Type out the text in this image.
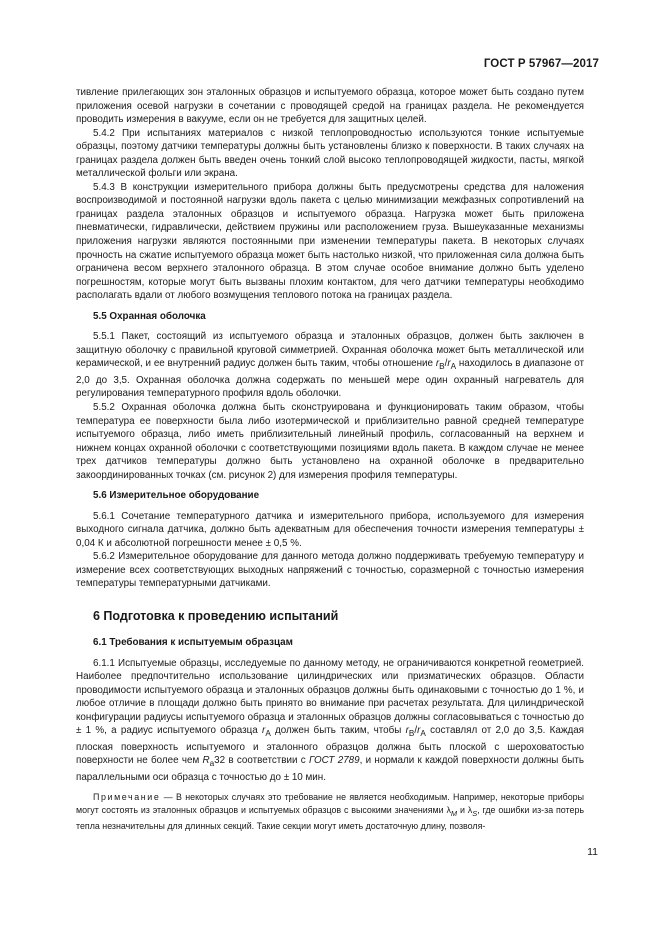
ГОСТ Р 57967—2017

тивление прилегающих зон эталонных образцов и испытуемого образца, которое может быть создано путем приложения осевой нагрузки в сочетании с проводящей средой на границах раздела. Не рекомендуется проводить измерения в вакууме, если он не требуется для защитных целей.

5.4.2 При испытаниях материалов с низкой теплопроводностью используются тонкие испытуемые образцы, поэтому датчики температуры должны быть установлены близко к поверхности. В таких случаях на границах раздела должен быть введен очень тонкий слой высоко теплопроводящей жидкости, пасты, мягкой металлической фольги или экрана.

5.4.3 В конструкции измерительного прибора должны быть предусмотрены средства для наложения воспроизводимой и постоянной нагрузки вдоль пакета с целью минимизации межфазных сопротивлений на границах раздела эталонных образцов и испытуемого образца. Нагрузка может быть приложена пневматически, гидравлически, действием пружины или расположением груза. Вышеуказанные механизмы приложения нагрузки являются постоянными при изменении температуры пакета. В некоторых случаях прочность на сжатие испытуемого образца может быть настолько низкой, что приложенная сила должна быть ограничена весом верхнего эталонного образца. В этом случае особое внимание должно быть уделено погрешностям, которые могут быть вызваны плохим контактом, для чего датчики температуры необходимо располагать вдали от любого возмущения теплового потока на границах раздела.

5.5 Охранная оболочка

5.5.1 Пакет, состоящий из испытуемого образца и эталонных образцов, должен быть заключен в защитную оболочку с правильной круговой симметрией. Охранная оболочка может быть металлической или керамической, и ее внутренний радиус должен быть таким, чтобы отношение $r_B/r_A$ находилось в диапазоне от 2,0 до 3,5. Охранная оболочка должна содержать по меньшей мере один охранный нагреватель для регулирования температурного профиля вдоль оболочки.

5.5.2 Охранная оболочка должна быть сконструирована и функционировать таким образом, чтобы температура ее поверхности была либо изотермической и приблизительно равной средней температуре испытуемого образца, либо иметь приблизительный линейный профиль, согласованный на верхнем и нижнем концах охранной оболочки с соответствующими позициями вдоль пакета. В каждом случае не менее трех датчиков температуры должно быть установлено на охранной оболочке в предварительно закоординированных точках (см. рисунок 2) для измерения профиля температуры.

5.6 Измерительное оборудование

5.6.1 Сочетание температурного датчика и измерительного прибора, используемого для измерения выходного сигнала датчика, должно быть адекватным для обеспечения точности измерения температуры ± 0,04 К и абсолютной погрешности менее ± 0,5 %.

5.6.2 Измерительное оборудование для данного метода должно поддерживать требуемую температуру и измерение всех соответствующих выходных напряжений с точностью, соразмерной с точностью измерения температуры температурными датчиками.

6 Подготовка к проведению испытаний
6.1 Требования к испытуемым образцам

6.1.1 Испытуемые образцы, исследуемые по данному методу, не ограничиваются конкретной геометрией. Наиболее предпочтительно использование цилиндрических или призматических образцов. Области проводимости испытуемого образца и эталонных образцов должны быть одинаковыми с точностью до 1 %, и любое отличие в площади должно быть принято во внимание при расчетах результата. Для цилиндрической конфигурации радиусы испытуемого образца и эталонных образцов должны согласовываться с точностью до ± 1 %, а радиус испытуемого образца $r_A$ должен быть таким, чтобы $r_B/r_A$ составлял от 2,0 до 3,5. Каждая плоская поверхность испытуемого и эталонного образцов должна быть плоской с шероховатостью поверхности не более чем $R_a32$ в соответствии с ГОСТ 2789, и нормали к каждой поверхности должны быть параллельными оси образца с точностью до ± 10 мин.

Примечание — В некоторых случаях это требование не является необходимым. Например, некоторые приборы могут состоять из эталонных образцов и испытуемых образцов с высокими значениями $\lambda_M$ и $\lambda_S$, где ошибки из-за потерь тепла незначительны для длинных секций. Такие секции могут иметь достаточную длину, позволя-

11
